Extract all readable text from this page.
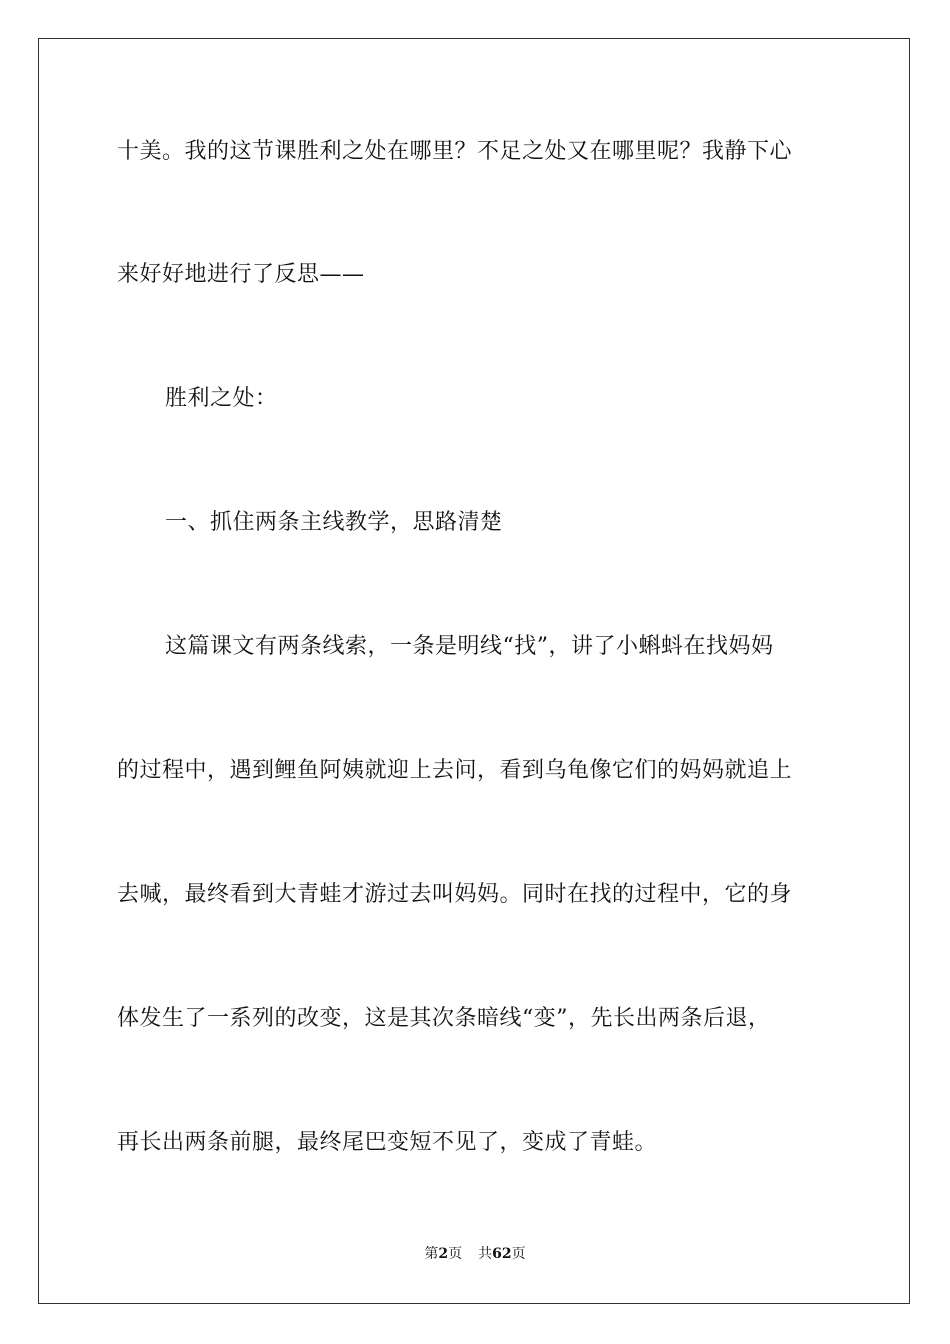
十美。我的这节课胜利之处在哪里？不足之处又在哪里呢？我静下心
来好好地进行了反思——
胜利之处：
一、抓住两条主线教学，思路清楚
这篇课文有两条线索，一条是明线“找”，讲了小蝌蚪在找妈妈
的过程中，遇到鲤鱼阿姨就迎上去问，看到乌龟像它们的妈妈就追上
去喊，最终看到大青蛙才游过去叫妈妈。同时在找的过程中，它的身
体发生了一系列的改变，这是其次条暗线“变”，先长出两条后退，
再长出两条前腿，最终尾巴变短不见了，变成了青蛙。
第2页 共62页
